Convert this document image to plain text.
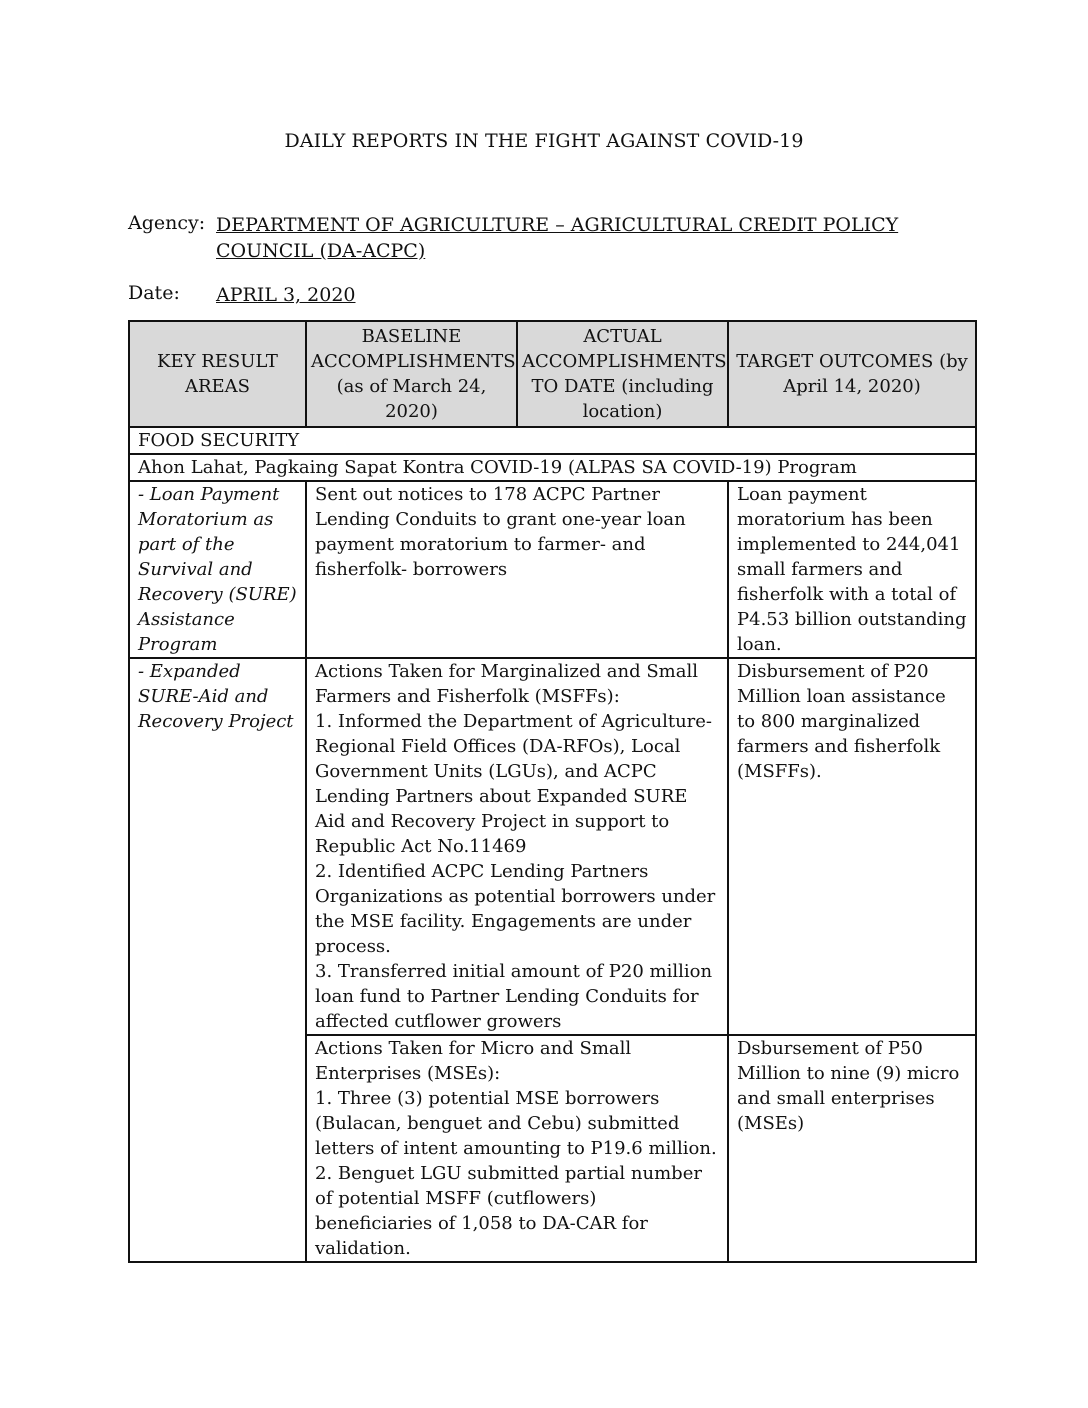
DAILY REPORTS IN THE FIGHT AGAINST COVID-19
Agency: DEPARTMENT OF AGRICULTURE – AGRICULTURAL CREDIT POLICY COUNCIL (DA-ACPC)
Date: APRIL 3, 2020
KEY RESULT AREAS	BASELINE ACCOMPLISHMENTS (as of March 24, 2020)	ACTUAL ACCOMPLISHMENTS TO DATE (including location)	TARGET OUTCOMES (by April 14, 2020)
FOOD SECURITY			
Ahon Lahat, Pagkaing Sapat Kontra COVID-19 (ALPAS SA COVID-19) Program			
- Loan Payment Moratorium as part of the Survival and Recovery (SURE) Assistance Program	Sent out notices to 178 ACPC Partner Lending Conduits to grant one-year loan payment moratorium to farmer- and fisherfolk- borrowers		Loan payment moratorium has been implemented to 244,041 small farmers and fisherfolk with a total of P4.53 billion outstanding loan.
- Expanded SURE-Aid and Recovery Project	Actions Taken for Marginalized and Small Farmers and Fisherfolk (MSFFs):
1. Informed the Department of Agriculture-Regional Field Offices (DA-RFOs), Local Government Units (LGUs), and ACPC Lending Partners about Expanded SURE Aid and Recovery Project in support to Republic Act No.11469
2. Identified ACPC Lending Partners Organizations as potential borrowers under the MSE facility. Engagements are under process.
3. Transferred initial amount of P20 million loan fund to Partner Lending Conduits for affected cutflower growers		Disbursement of P20 Million loan assistance to 800 marginalized farmers and fisherfolk (MSFFs).
	Actions Taken for Micro and Small Enterprises (MSEs):
1. Three (3) potential MSE borrowers (Bulacan, benguet and Cebu) submitted letters of intent amounting to P19.6 million.
2. Benguet LGU submitted partial number of potential MSFF (cutflowers) beneficiaries of 1,058 to DA-CAR for validation.		Dsbursement of P50 Million to nine (9) micro and small enterprises (MSEs)
